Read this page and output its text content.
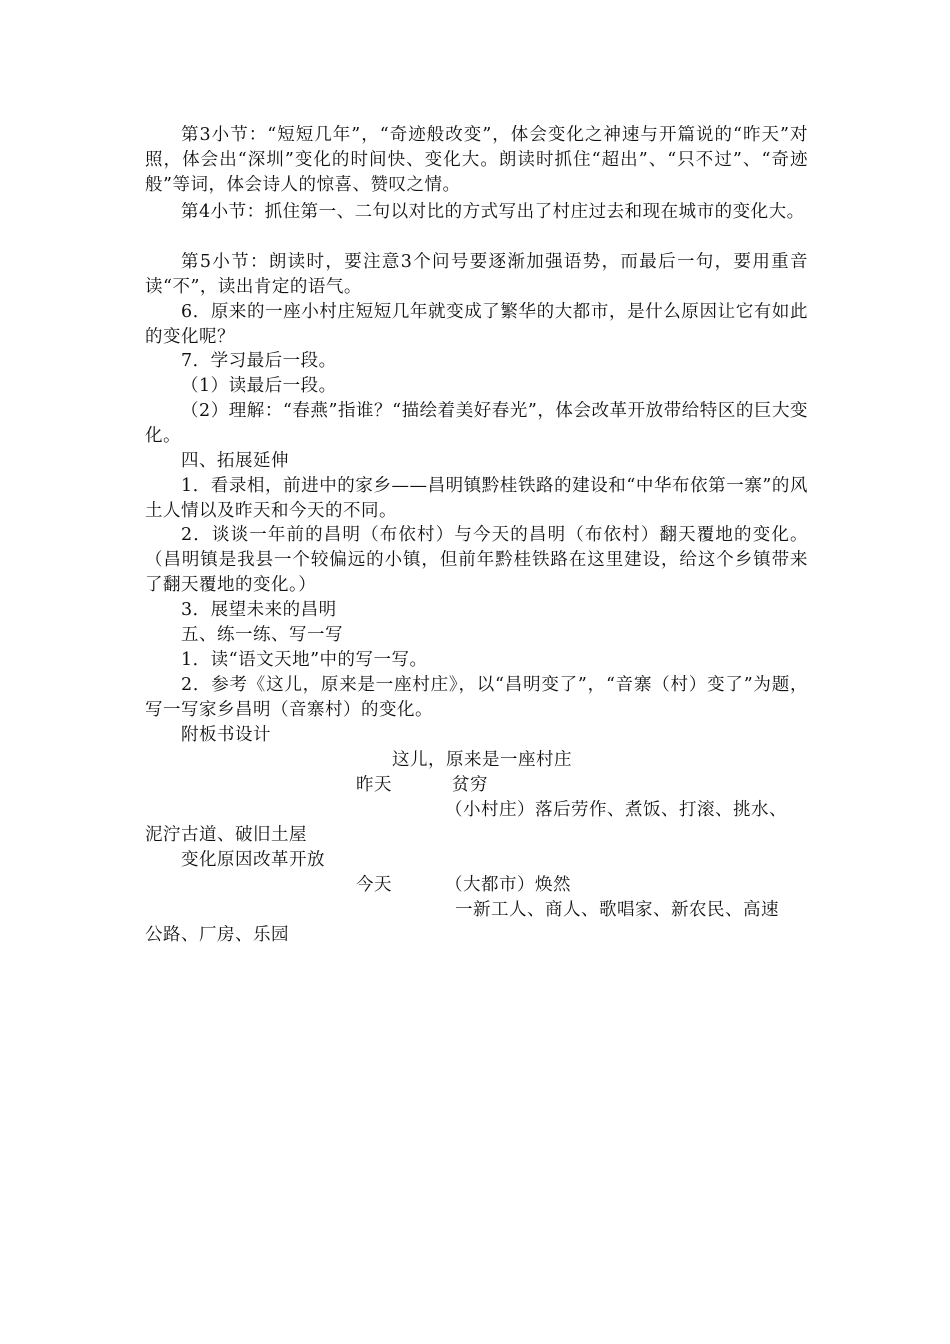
第3小节：“短短几年”，“奇迹般改变”，体会变化之神速与开篇说的“昨天”对照，体会出“深圳”变化的时间快、变化大。朗读时抓住“超出”、“只不过”、“奇迹般”等词，体会诗人的惊喜、赞叹之情。

第4小节：抓住第一、二句以对比的方式写出了村庄过去和现在城市的变化大。

第5小节：朗读时，要注意3个问号要逐渐加强语势，而最后一句，要用重音读“不”，读出肯定的语气。

6．原来的一座小村庄短短几年就变成了繁华的大都市，是什么原因让它有如此的变化呢？

7．学习最后一段。

（1）读最后一段。

（2）理解：“春燕”指谁？“描绘着美好春光”，体会改革开放带给特区的巨大变化。

四、拓展延伸

1．看录相，前进中的家乡——昌明镇黔桂铁路的建设和“中华布依第一寨”的风土人情以及昨天和今天的不同。

2．谈谈一年前的昌明（布依村）与今天的昌明（布依村）翻天覆地的变化。（昌明镇是我县一个较偏远的小镇，但前年黔桂铁路在这里建设，给这个乡镇带来了翻天覆地的变化。）

3．展望未来的昌明

五、练一练、写一写

1．读“语文天地”中的写一写。

2．参考《这儿，原来是一座村庄》，以“昌明变了”，“音寨（村）变了”为题，写一写家乡昌明（音寨村）的变化。

附板书设计

这儿，原来是一座村庄
昨天	贫穷
（小村庄）落后劳作、煮饭、打滚、挑水、
泥泞古道、破旧土屋
变化原因改革开放
今天	（大都市）焕然
一新工人、商人、歌唱家、新农民、高速
公路、厂房、乐园
